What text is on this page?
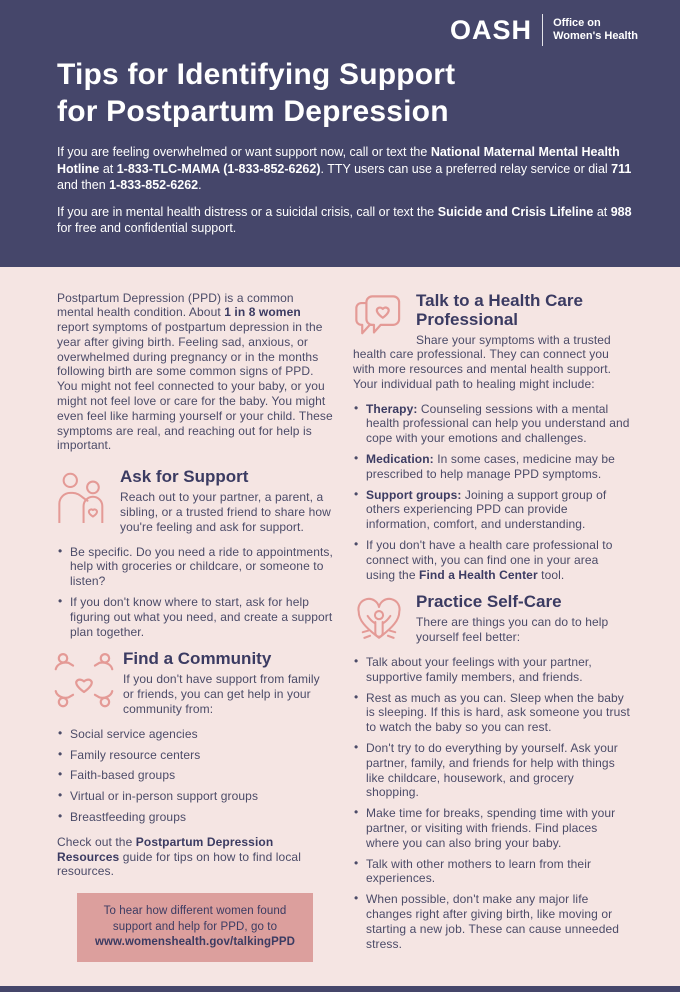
OASH Office on
Women's Health
Tips for Identifying Support
for Postpartum Depression

If you are feeling overwhelmed or want support now, call or text the National Maternal Mental Health Hotline at 1-833-TLC-MAMA (1-833-852-6262). TTY users can use a preferred relay service or dial 711 and then 1-833-852-6262.

If you are in mental health distress or a suicidal crisis, call or text the Suicide and Crisis Lifeline at 988 for free and confidential support.

Postpartum Depression (PPD) is a common mental health condition. About 1 in 8 women report symptoms of postpartum depression in the year after giving birth. Feeling sad, anxious, or overwhelmed during pregnancy or in the months following birth are some common signs of PPD. You might not feel connected to your baby, or you might not feel love or care for the baby. You might even feel like harming yourself or your child. These symptoms are real, and reaching out for help is important.

Ask for Support

Reach out to your partner, a parent, a sibling, or a trusted friend to share how you're feeling and ask for support.

• Be specific. Do you need a ride to appointments, help with groceries or childcare, or someone to listen?
• If you don't know where to start, ask for help figuring out what you need, and create a support plan together.
Find a Community

If you don't have support from family or friends, you can get help in your community from:

• Social service agencies
• Family resource centers
• Faith-based groups
• Virtual or in-person support groups
• Breastfeeding groups

Check out the Postpartum Depression Resources guide for tips on how to find local resources.

To hear how different women found support and help for PPD, go to www.womenshealth.gov/talkingPPD

Talk to a Health Care Professional

Share your symptoms with a trusted health care professional. They can connect you with more resources and mental health support. Your individual path to healing might include:

• Therapy: Counseling sessions with a mental health professional can help you understand and cope with your emotions and challenges.
• Medication: In some cases, medicine may be prescribed to help manage PPD symptoms.
• Support groups: Joining a support group of others experiencing PPD can provide information, comfort, and understanding.
• If you don't have a health care professional to connect with, you can find one in your area using the Find a Health Center tool.
Practice Self-Care

There are things you can do to help yourself feel better:

• Talk about your feelings with your partner, supportive family members, and friends.
• Rest as much as you can. Sleep when the baby is sleeping. If this is hard, ask someone you trust to watch the baby so you can rest.
• Don't try to do everything by yourself. Ask your partner, family, and friends for help with things like childcare, housework, and grocery shopping.
• Make time for breaks, spending time with your partner, or visiting with friends. Find places where you can also bring your baby.
• Talk with other mothers to learn from their experiences.
• When possible, don't make any major life changes right after giving birth, like moving or starting a new job. These can cause unneeded stress.
